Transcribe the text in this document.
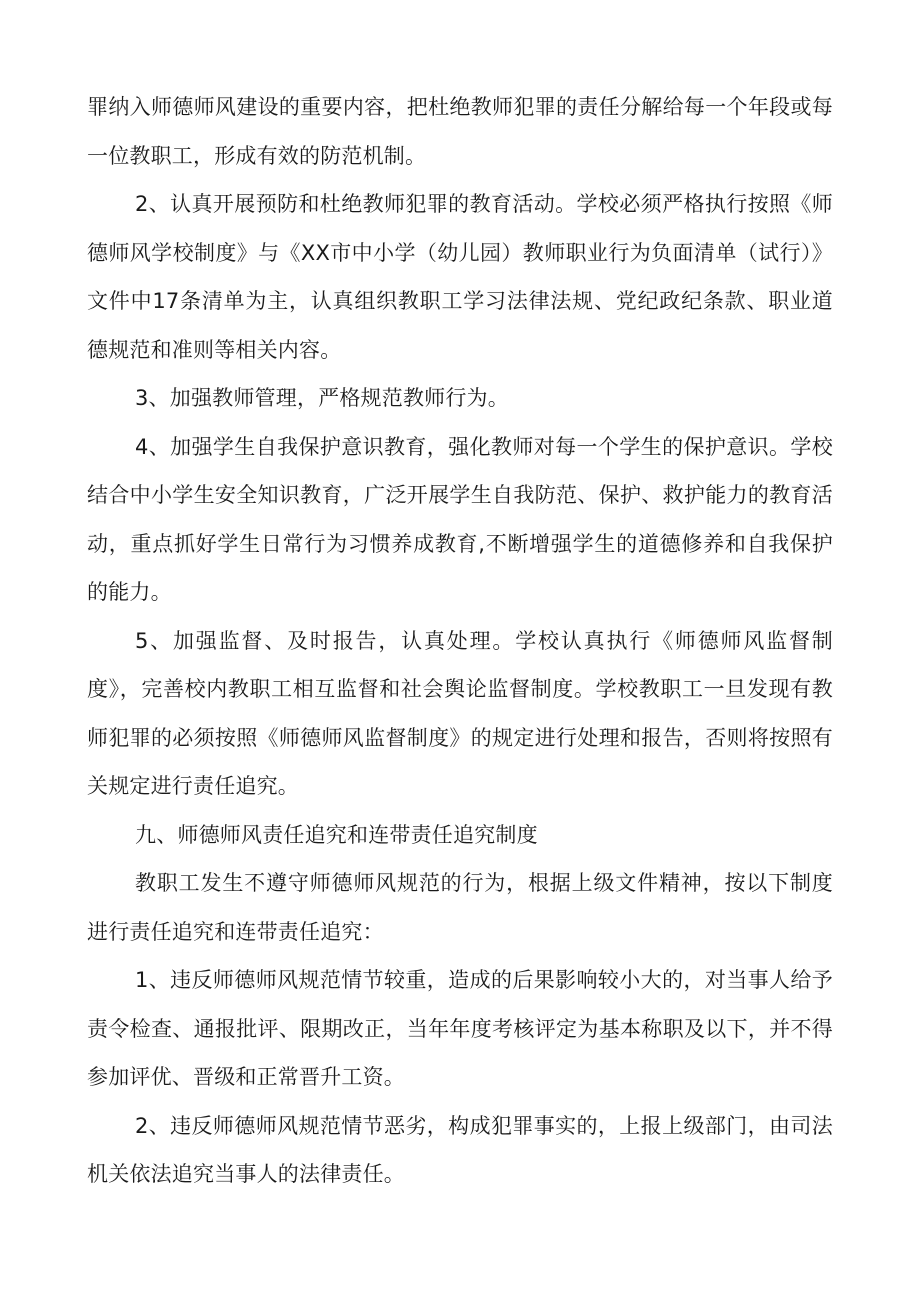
罪纳入师德师风建设的重要内容，把杜绝教师犯罪的责任分解给每一个年段或每一位教职工，形成有效的防范机制。

2、认真开展预防和杜绝教师犯罪的教育活动。学校必须严格执行按照《师德师风学校制度》与《XX市中小学（幼儿园）教师职业行为负面清单（试行）》文件中17条清单为主，认真组织教职工学习法律法规、党纪政纪条款、职业道德规范和准则等相关内容。

3、加强教师管理，严格规范教师行为。

4、加强学生自我保护意识教育，强化教师对每一个学生的保护意识。学校结合中小学生安全知识教育，广泛开展学生自我防范、保护、救护能力的教育活动，重点抓好学生日常行为习惯养成教育,不断增强学生的道德修养和自我保护的能力。

5、加强监督、及时报告，认真处理。学校认真执行《师德师风监督制度》，完善校内教职工相互监督和社会舆论监督制度。学校教职工一旦发现有教师犯罪的必须按照《师德师风监督制度》的规定进行处理和报告，否则将按照有关规定进行责任追究。

九、师德师风责任追究和连带责任追究制度

教职工发生不遵守师德师风规范的行为，根据上级文件精神，按以下制度进行责任追究和连带责任追究：

1、违反师德师风规范情节较重，造成的后果影响较小大的，对当事人给予责令检查、通报批评、限期改正，当年年度考核评定为基本称职及以下，并不得参加评优、晋级和正常晋升工资。

2、违反师德师风规范情节恶劣，构成犯罪事实的，上报上级部门，由司法机关依法追究当事人的法律责任。
